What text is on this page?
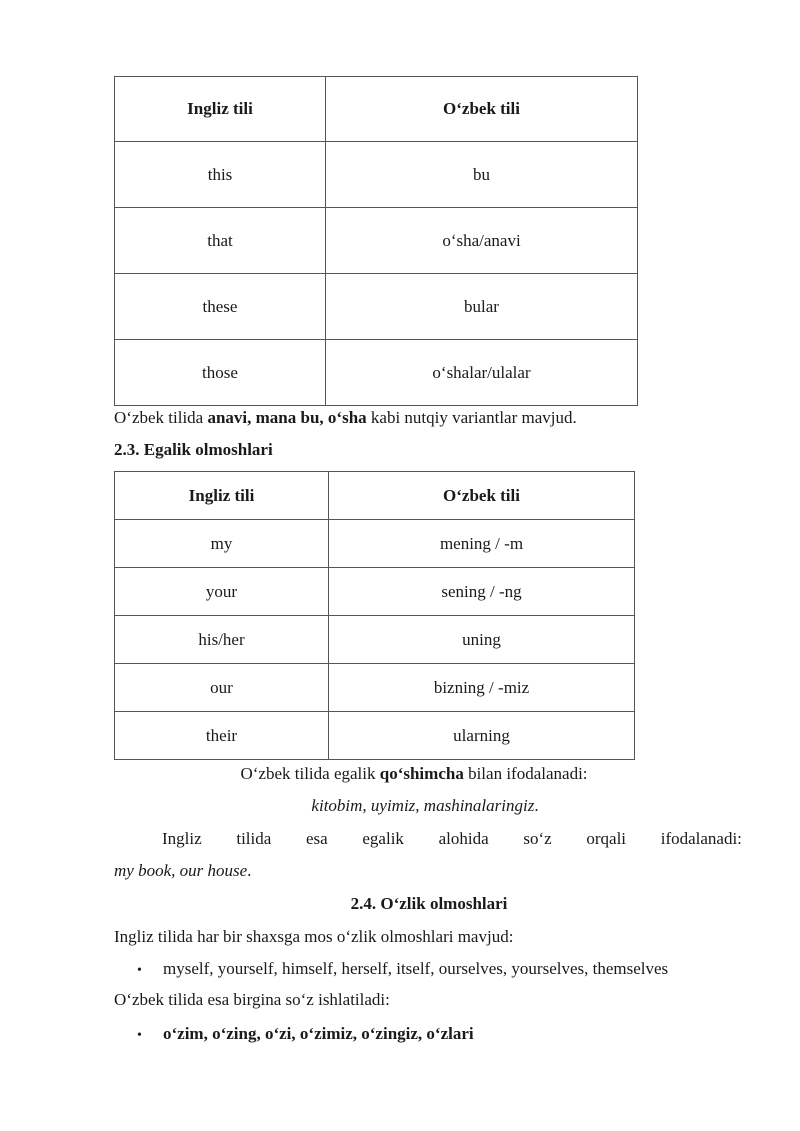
Ingliz tili	O‘zbek tili
this	bu
that	o‘sha/anavi
these	bular
those	o‘shalar/ulalar
O‘zbek tilida anavi, mana bu, o‘sha kabi nutqiy variantlar mavjud.
2.3. Egalik olmoshlari
Ingliz tili	O‘zbek tili
my	mening / -m
your	sening / -ng
his/her	uning
our	bizning / -miz
their	ularning
O‘zbek tilida egalik qo‘shimcha bilan ifodalanadi:
kitobim, uyimiz, mashinalaringiz.
Ingliz tilida esa egalik alohida so‘z orqali ifodalanadi:
my book, our house.
2.4. O‘zlik olmoshlari
Ingliz tilida har bir shaxsga mos o‘zlik olmoshlari mavjud:
• myself, yourself, himself, herself, itself, ourselves, yourselves, themselves
O‘zbek tilida esa birgina so‘z ishlatiladi:
• o‘zim, o‘zing, o‘zi, o‘zimiz, o‘zingiz, o‘zlari
